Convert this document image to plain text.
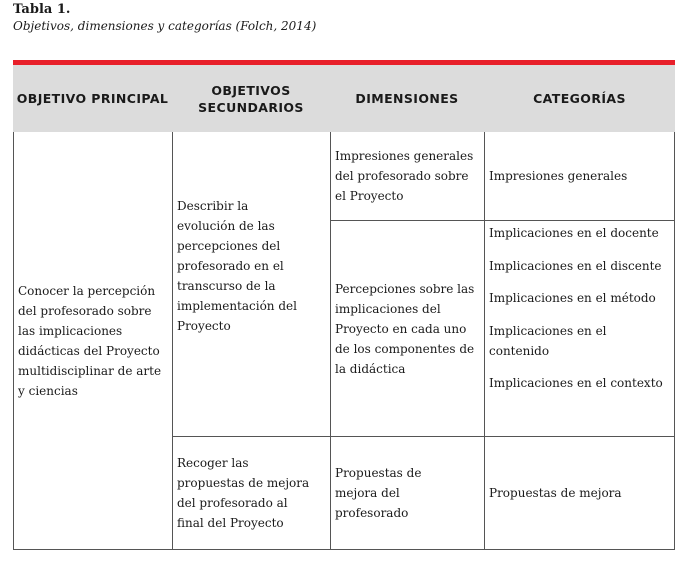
Tabla 1.
Objetivos, dimensiones y categorías (Folch, 2014)
OBJETIVO PRINCIPAL
OBJETIVOS SECUNDARIOS
DIMENSIONES	CATEGORÍAS
Conocer la percepción del profesorado sobre las implicaciones didácticas del Proyecto multidisciplinar de arte y ciencias
Describir la evolución de las percepciones del profesorado en el transcurso de la implementación del Proyecto
Recoger las propuestas de mejora del profesorado al final del Proyecto
Impresiones generales del profesorado sobre el Proyecto
Percepciones sobre las implicaciones del Proyecto en cada uno de los componentes de la didáctica
Propuestas de mejora del profesorado
Impresiones generales
Implicaciones en el docente
Implicaciones en el discente
Implicaciones en el método
Implicaciones en el contenido
Implicaciones en el contexto
Propuestas de mejora
